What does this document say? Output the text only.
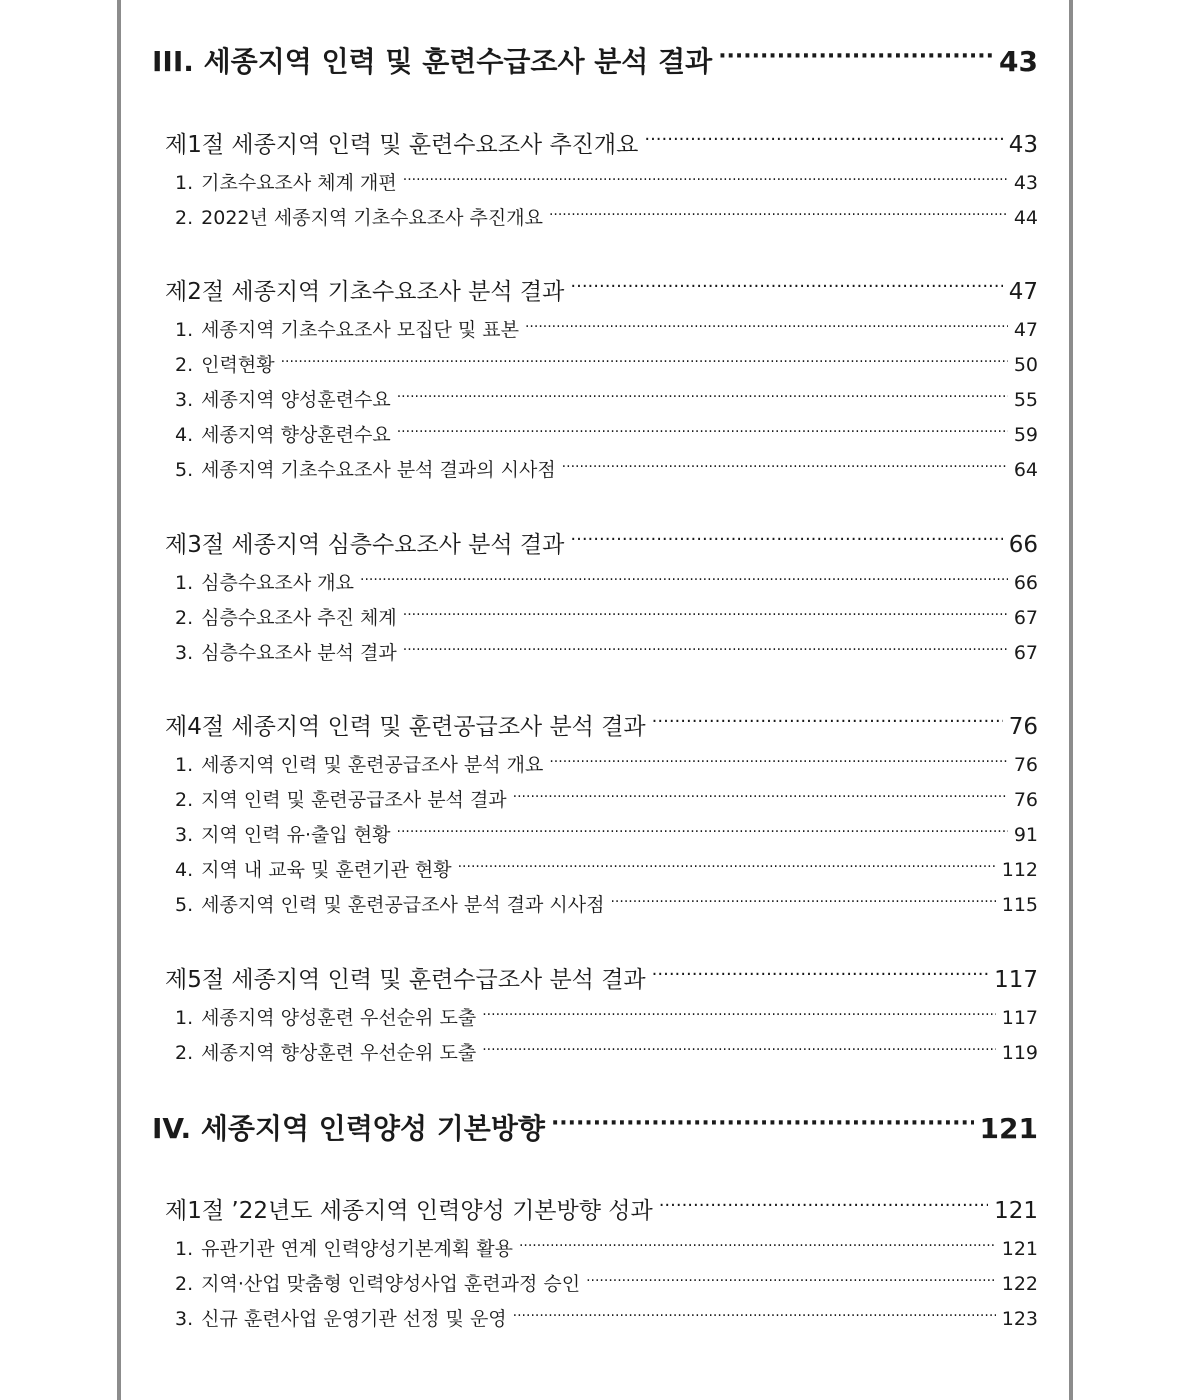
III. 세종지역 인력 및 훈련수급조사 분석 결과 ·····	43
제1절 세종지역 인력 및 훈련수요조사 추진개요 ·····	43
1. 기초수요조사 체계 개편 ·····	43
2. 2022년 세종지역 기초수요조사 추진개요 ·····	44
제2절 세종지역 기초수요조사 분석 결과 ·····	47
1. 세종지역 기초수요조사 모집단 및 표본 ·····	47
2. 인력현황 ·····	50
3. 세종지역 양성훈련수요 ·····	55
4. 세종지역 향상훈련수요 ·····	59
5. 세종지역 기초수요조사 분석 결과의 시사점 ·····	64
제3절 세종지역 심층수요조사 분석 결과 ·····	66
1. 심층수요조사 개요 ·····	66
2. 심층수요조사 추진 체계 ·····	67
3. 심층수요조사 분석 결과 ·····	67
제4절 세종지역 인력 및 훈련공급조사 분석 결과 ·····	76
1. 세종지역 인력 및 훈련공급조사 분석 개요 ·····	76
2. 지역 인력 및 훈련공급조사 분석 결과 ·····	76
3. 지역 인력 유·출입 현황 ·····	91
4. 지역 내 교육 및 훈련기관 현황 ·····	112
5. 세종지역 인력 및 훈련공급조사 분석 결과 시사점 ·····	115
제5절 세종지역 인력 및 훈련수급조사 분석 결과 ·····	117
1. 세종지역 양성훈련 우선순위 도출 ·····	117
2. 세종지역 향상훈련 우선순위 도출 ·····	119
IV. 세종지역 인력양성 기본방향 ·····	121
제1절 ’22년도 세종지역 인력양성 기본방향 성과 ·····	121
1. 유관기관 연계 인력양성기본계획 활용 ·····	121
2. 지역·산업 맞춤형 인력양성사업 훈련과정 승인 ·····	122
3. 신규 훈련사업 운영기관 선정 및 운영 ·····	123
